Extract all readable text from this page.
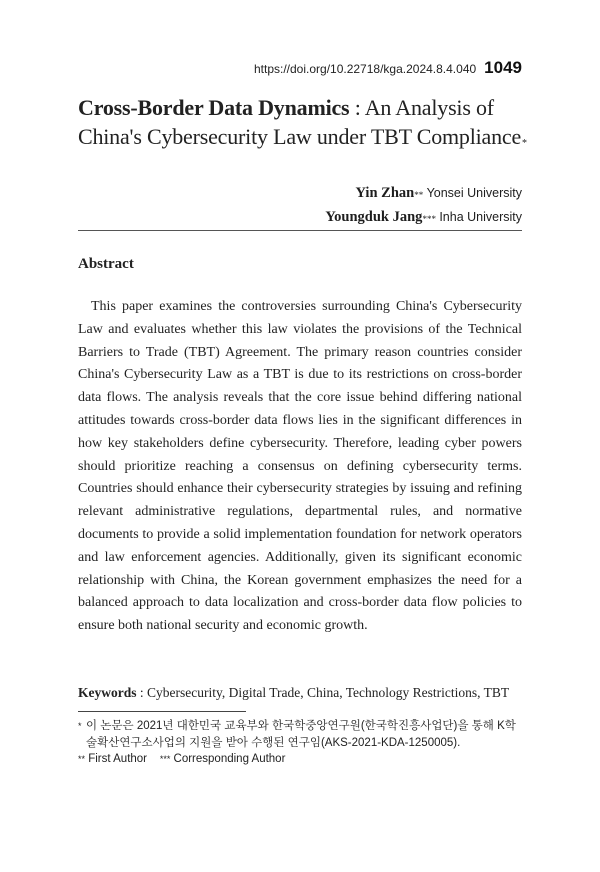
https://doi.org/10.22718/kga.2024.8.4.040 1049
Cross-Border Data Dynamics : An Analysis of China's Cybersecurity Law under TBT Compliance*
Yin Zhan** Yonsei University
Youngduk Jang*** Inha University
Abstract

This paper examines the controversies surrounding China's Cybersecurity Law and evaluates whether this law violates the provisions of the Technical Barriers to Trade (TBT) Agreement. The primary reason countries consider China's Cybersecurity Law as a TBT is due to its restrictions on cross-border data flows. The analysis reveals that the core issue behind differing national attitudes towards cross-border data flows lies in the significant differences in how key stakeholders define cybersecurity. Therefore, leading cyber powers should prioritize reaching a consensus on defining cybersecurity terms. Countries should enhance their cybersecurity strategies by issuing and refining relevant administrative regulations, departmental rules, and normative documents to provide a solid implementation foundation for network operators and law enforcement agencies. Additionally, given its significant economic relationship with China, the Korean government emphasizes the need for a balanced approach to data localization and cross-border data flow policies to ensure both national security and economic growth.

Keywords : Cybersecurity, Digital Trade, China, Technology Restrictions, TBT
* 이 논문은 2021년 대한민국 교육부와 한국학중앙연구원(한국학진흥사업단)을 통해 K학술확산연구소사업의 지원을 받아 수행된 연구임(AKS-2021-KDA-1250005).
** First Author *** Corresponding Author
